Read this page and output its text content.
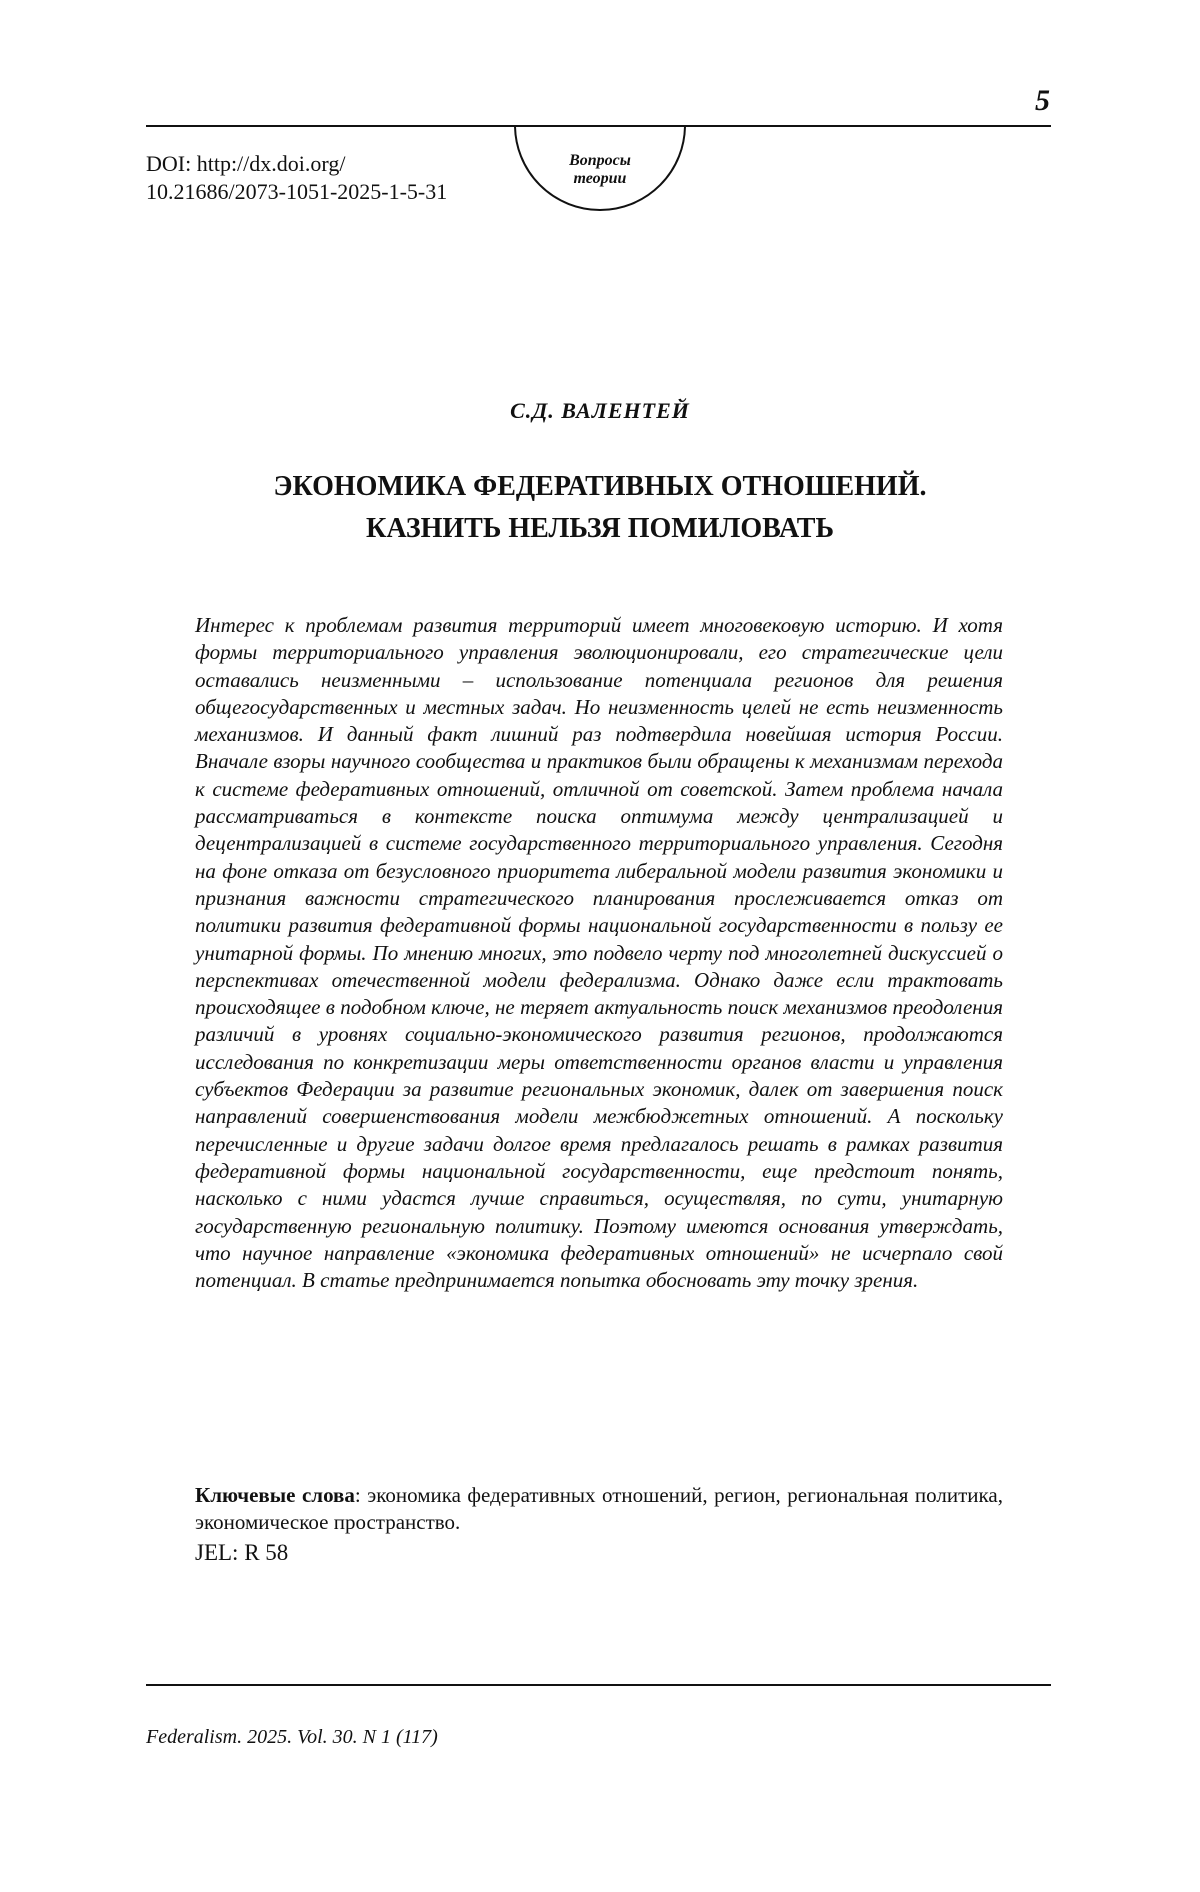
5
DOI: http://dx.doi.org/
10.21686/2073-1051-2025-1-5-31
Вопросы
теории
С.Д. ВАЛЕНТЕЙ
ЭКОНОМИКА ФЕДЕРАТИВНЫХ ОТНОШЕНИЙ.
КАЗНИТЬ НЕЛЬЗЯ ПОМИЛОВАТЬ
Интерес к проблемам развития территорий имеет многовековую историю. И хотя формы территориального управления эволюционировали, его стратегические цели оставались неизменными – использование потенциала регионов для решения общегосударственных и местных задач. Но неизменность целей не есть неизменность механизмов. И данный факт лишний раз подтвердила новейшая история России. Вначале взоры научного сообщества и практиков были обращены к механизмам перехода к системе федеративных отношений, отличной от советской. Затем проблема начала рассматриваться в контексте поиска оптимума между централизацией и децентрализацией в системе государственного территориального управления. Сегодня на фоне отказа от безусловного приоритета либеральной модели развития экономики и признания важности стратегического планирования прослеживается отказ от политики развития федеративной формы национальной государственности в пользу ее унитарной формы. По мнению многих, это подвело черту под многолетней дискуссией о перспективах отечественной модели федерализма. Однако даже если трактовать происходящее в подобном ключе, не теряет актуальность поиск механизмов преодоления различий в уровнях социально-экономического развития регионов, продолжаются исследования по конкретизации меры ответственности органов власти и управления субъектов Федерации за развитие региональных экономик, далек от завершения поиск направлений совершенствования модели межбюджетных отношений. А поскольку перечисленные и другие задачи долгое время предлагалось решать в рамках развития федеративной формы национальной государственности, еще предстоит понять, насколько с ними удастся лучше справиться, осуществляя, по сути, унитарную государственную региональную политику. Поэтому имеются основания утверждать, что научное направление «экономика федеративных отношений» не исчерпало свой потенциал. В статье предпринимается попытка обосновать эту точку зрения.
Ключевые слова: экономика федеративных отношений, регион, региональная политика, экономическое пространство.
JEL: R 58
Federalism. 2025. Vol. 30. N 1 (117)
